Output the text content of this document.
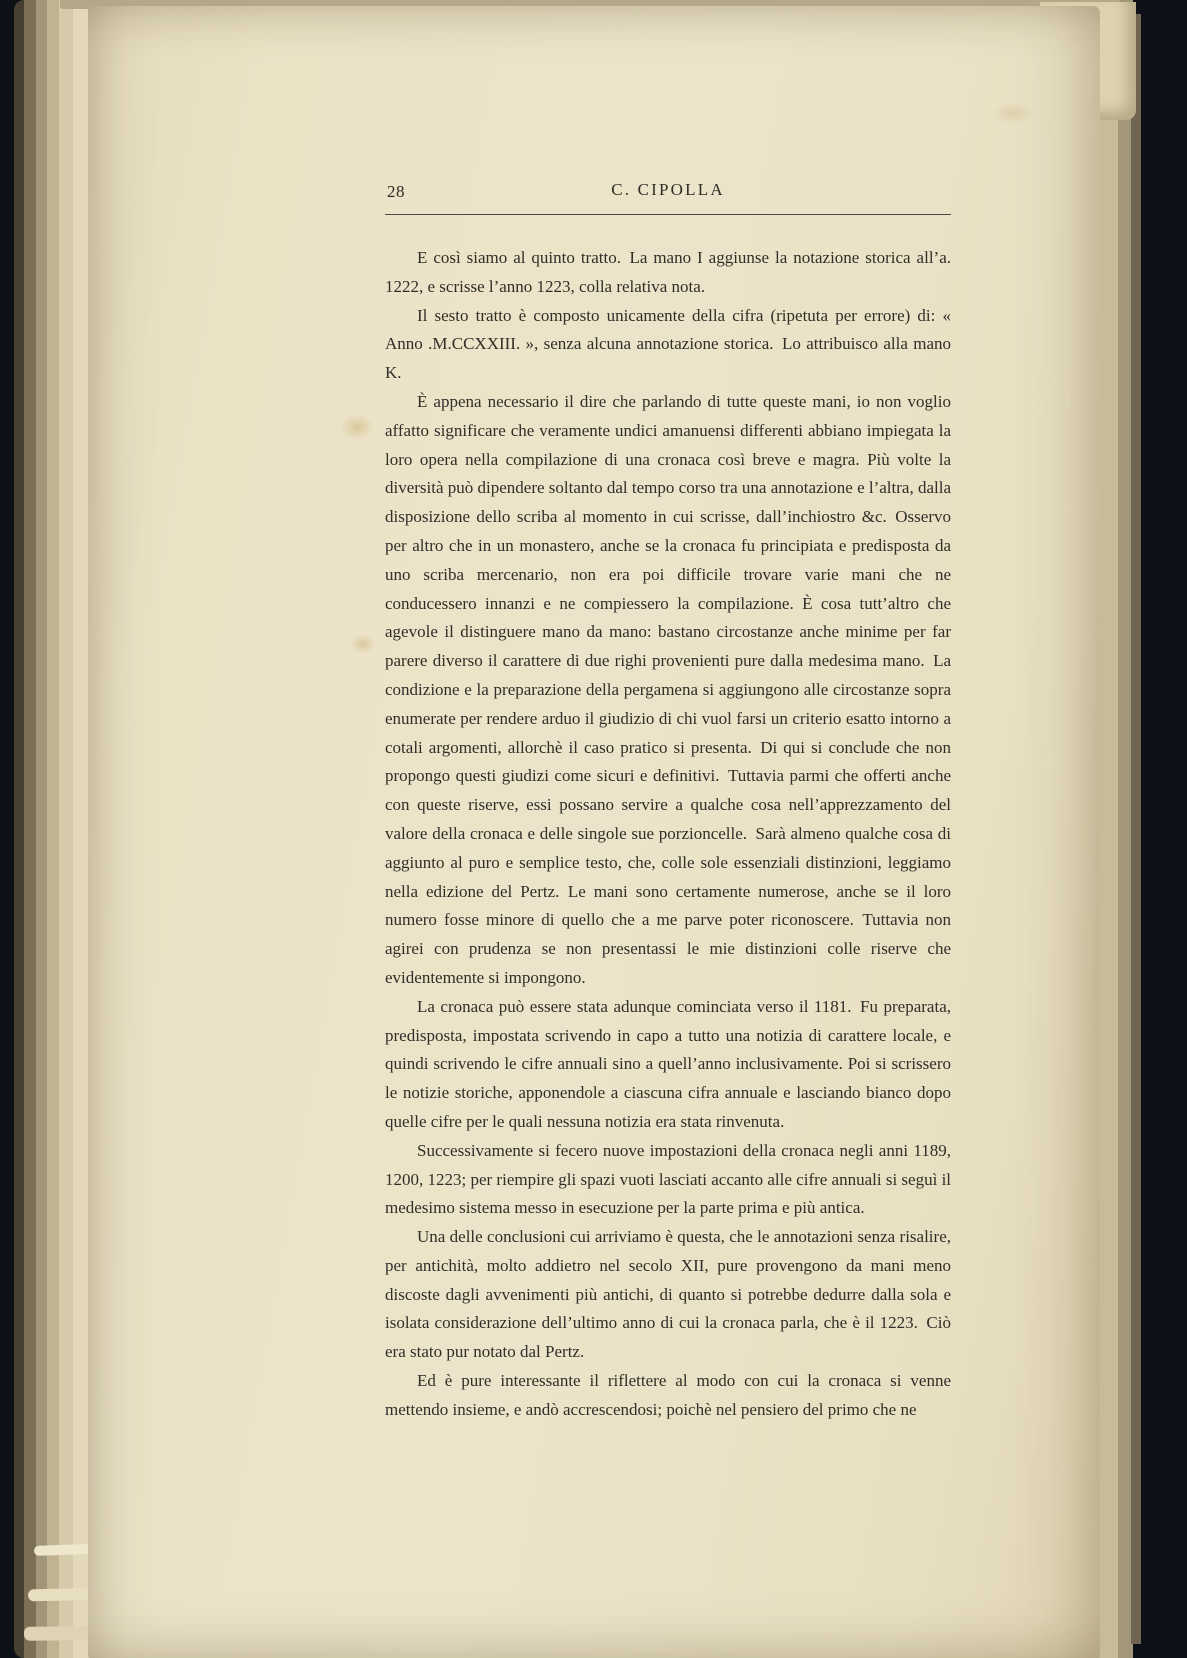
28	C. CIPOLLA

E così siamo al quinto tratto. La mano I aggiunse la notazione storica all’a. 1222, e scrisse l’anno 1223, colla relativa nota.

Il sesto tratto è composto unicamente della cifra (ripetuta per errore) di: « Anno .M.CCXXIII. », senza alcuna annotazione storica. Lo attribuisco alla mano K.

È appena necessario il dire che parlando di tutte queste mani, io non voglio affatto significare che veramente undici amanuensi differenti abbiano impiegata la loro opera nella compilazione di una cronaca così breve e magra. Più volte la diversità può dipendere soltanto dal tempo corso tra una annotazione e l’altra, dalla disposizione dello scriba al momento in cui scrisse, dall’inchiostro &c. Osservo per altro che in un monastero, anche se la cronaca fu principiata e predisposta da uno scriba mercenario, non era poi difficile trovare varie mani che ne conducessero innanzi e ne compiessero la compilazione. È cosa tutt’altro che agevole il distinguere mano da mano: bastano circostanze anche minime per far parere diverso il carattere di due righi provenienti pure dalla medesima mano. La condizione e la preparazione della pergamena si aggiungono alle circostanze sopra enumerate per rendere arduo il giudizio di chi vuol farsi un criterio esatto intorno a cotali argomenti, allorchè il caso pratico si presenta. Di qui si conclude che non propongo questi giudizi come sicuri e definitivi. Tuttavia parmi che offerti anche con queste riserve, essi possano servire a qualche cosa nell’apprezzamento del valore della cronaca e delle singole sue porzioncelle. Sarà almeno qualche cosa di aggiunto al puro e semplice testo, che, colle sole essenziali distinzioni, leggiamo nella edizione del Pertz. Le mani sono certamente numerose, anche se il loro numero fosse minore di quello che a me parve poter riconoscere. Tuttavia non agirei con prudenza se non presentassi le mie distinzioni colle riserve che evidentemente si impongono.

La cronaca può essere stata adunque cominciata verso il 1181. Fu preparata, predisposta, impostata scrivendo in capo a tutto una notizia di carattere locale, e quindi scrivendo le cifre annuali sino a quell’anno inclusivamente. Poi si scrissero le notizie storiche, apponendole a ciascuna cifra annuale e lasciando bianco dopo quelle cifre per le quali nessuna notizia era stata rinvenuta.

Successivamente si fecero nuove impostazioni della cronaca negli anni 1189, 1200, 1223; per riempire gli spazi vuoti lasciati accanto alle cifre annuali si seguì il medesimo sistema messo in esecuzione per la parte prima e più antica.

Una delle conclusioni cui arriviamo è questa, che le annotazioni senza risalire, per antichità, molto addietro nel secolo XII, pure provengono da mani meno discoste dagli avvenimenti più antichi, di quanto si potrebbe dedurre dalla sola e isolata considerazione dell’ultimo anno di cui la cronaca parla, che è il 1223. Ciò era stato pur notato dal Pertz.

Ed è pure interessante il riflettere al modo con cui la cronaca si venne mettendo insieme, e andò accrescendosi; poichè nel pensiero del primo che ne
